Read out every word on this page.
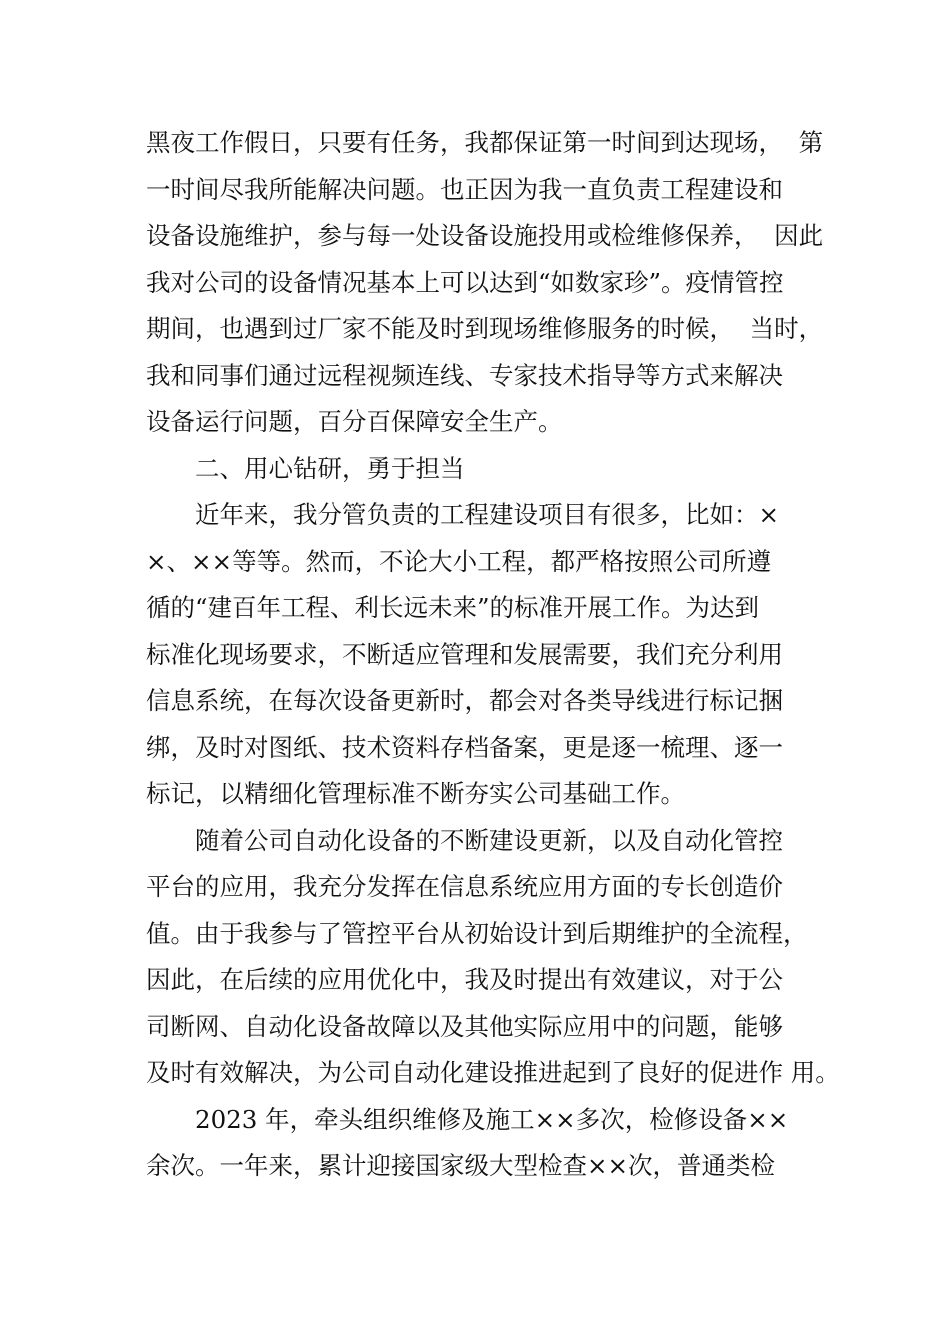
黑夜工作假日，只要有任务，我都保证第一时间到达现场，  第
一时间尽我所能解决问题。也正因为我一直负责工程建设和
设备设施维护，参与每一处设备设施投用或检维修保养，  因此
我对公司的设备情况基本上可以达到“如数家珍”。疫情管控
期间，也遇到过厂家不能及时到现场维修服务的时候，  当时，
我和同事们通过远程视频连线、专家技术指导等方式来解决
设备运行问题，百分百保障安全生产。
二、用心钻研，勇于担当
近年来，我分管负责的工程建设项目有很多，比如：×
×、××等等。然而，不论大小工程，都严格按照公司所遵
循的“建百年工程、利长远未来”的标准开展工作。为达到
标准化现场要求，不断适应管理和发展需要，我们充分利用
信息系统，在每次设备更新时，都会对各类导线进行标记捆
绑，及时对图纸、技术资料存档备案，更是逐一梳理、逐一
标记，以精细化管理标准不断夯实公司基础工作。
随着公司自动化设备的不断建设更新，以及自动化管控
平台的应用，我充分发挥在信息系统应用方面的专长创造价
值。由于我参与了管控平台从初始设计到后期维护的全流程，
因此，在后续的应用优化中，我及时提出有效建议，对于公
司断网、自动化设备故障以及其他实际应用中的问题，能够
及时有效解决，为公司自动化建设推进起到了良好的促进作 用。
2023 年，牵头组织维修及施工××多次，检修设备××
余次。一年来，累计迎接国家级大型检查××次，普通类检
